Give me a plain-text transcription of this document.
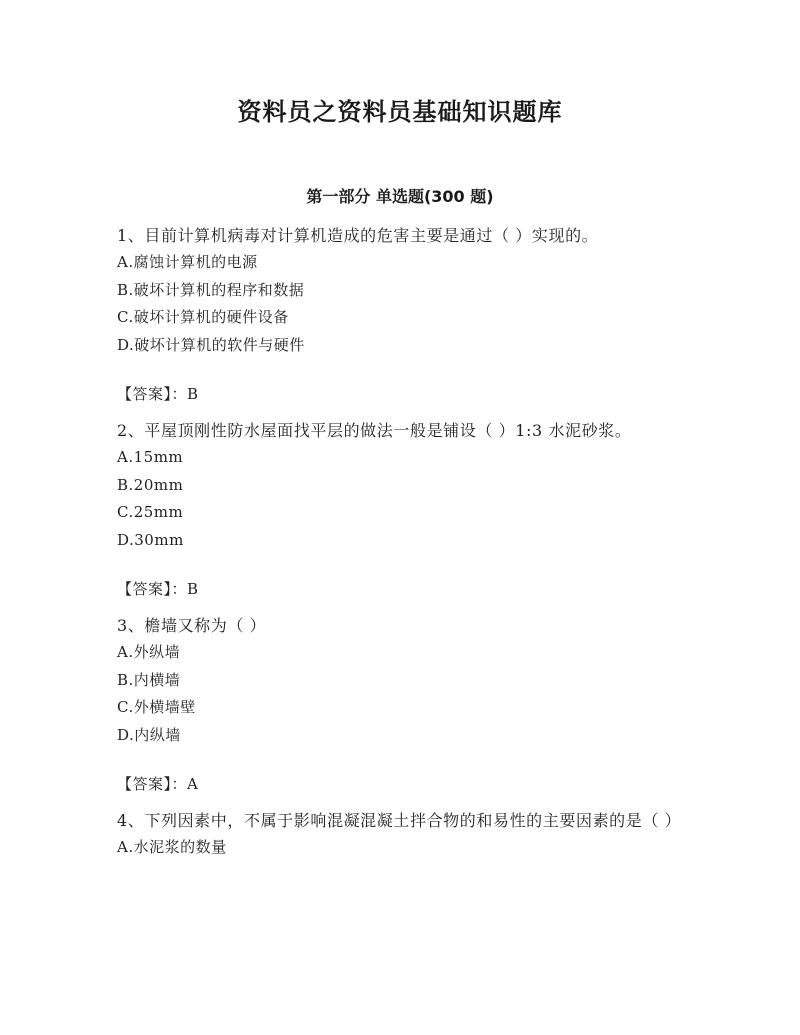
资料员之资料员基础知识题库
第一部分 单选题(300 题)

1、目前计算机病毒对计算机造成的危害主要是通过（ ）实现的。

A.腐蚀计算机的电源

B.破坏计算机的程序和数据

C.破坏计算机的硬件设备

D.破坏计算机的软件与硬件

【答案】：B

2、平屋顶刚性防水屋面找平层的做法一般是铺设（ ）1:3 水泥砂浆。

A.15mm

B.20mm

C.25mm

D.30mm

【答案】：B

3、檐墙又称为（ ）

A.外纵墙

B.内横墙

C.外横墙壁

D.内纵墙

【答案】：A

4、下列因素中，不属于影响混凝混凝土拌合物的和易性的主要因素的是（ ）

A.水泥浆的数量
